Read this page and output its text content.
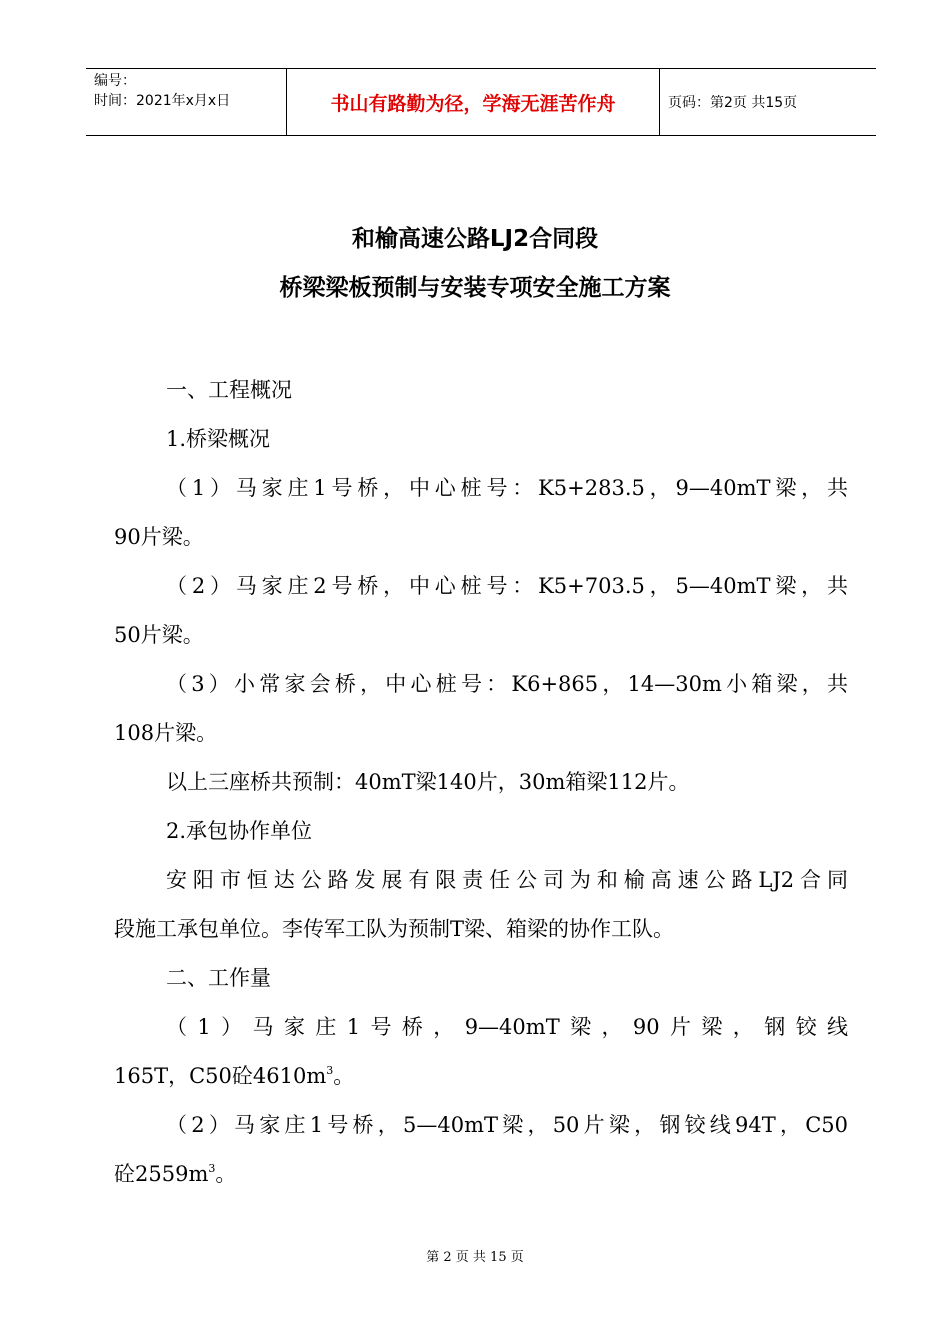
编号：
时间：2021年x月x日	书山有路勤为径，学海无涯苦作舟	页码：第2页 共15页
和榆高速公路LJ2合同段
桥梁梁板预制与安装专项安全施工方案
一、工程概况
1.桥梁概况
（1）马家庄1号桥，中心桩号：K5+283.5，9—40mT梁，共
90片梁。
（2）马家庄2号桥，中心桩号：K5+703.5，5—40mT梁，共
50片梁。
（3）小常家会桥，中心桩号：K6+865，14—30m小箱梁，共
108片梁。
以上三座桥共预制：40mT梁140片，30m箱梁112片。
2.承包协作单位
安阳市恒达公路发展有限责任公司为和榆高速公路LJ2合同
段施工承包单位。李传军工队为预制T梁、箱梁的协作工队。
二、工作量
（1）马家庄1号桥，9—40mT梁，90片梁，钢铰线
165T，C50砼$4610m^3$。
（2）马家庄1号桥，5—40mT梁，50片梁，钢铰线94T，C50
砼$2559m^3$。
第 2 页 共 15 页
